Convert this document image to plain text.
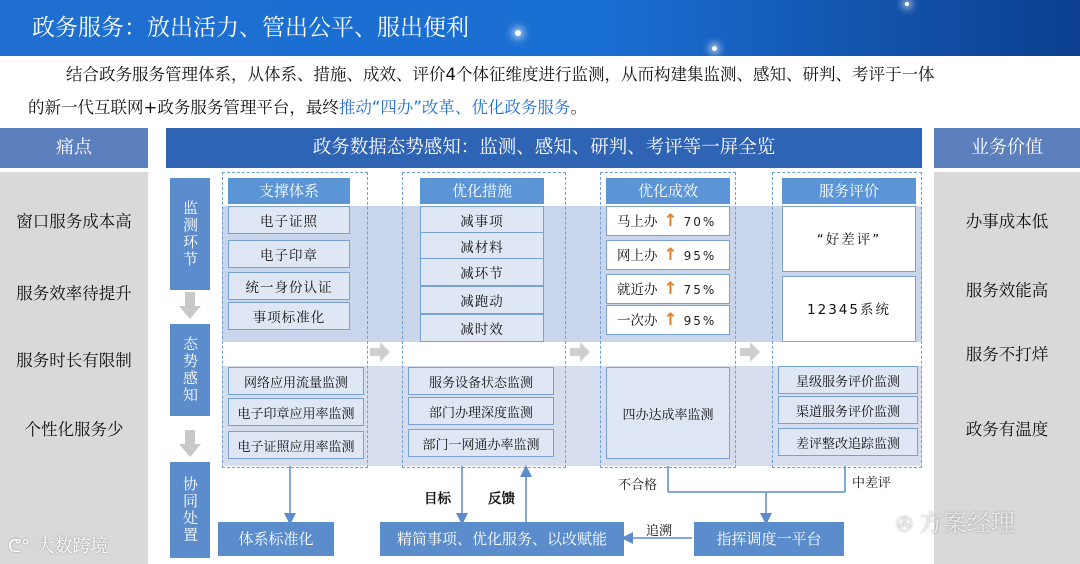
政务服务：放出活力、管出公平、服出便利
结合政务服务管理体系，从体系、措施、成效、评价4个体征维度进行监测，从而构建集监测、感知、研判、考评于一体
的新一代互联网+政务服务管理平台，最终推动“四办”改革、优化政务服务。
痛点
窗口服务成本高
服务效率待提升
服务时长有限制
个性化服务少
业务价值
办事成本低
服务效能高
服务不打烊
政务有温度
政务数据态势感知：监测、感知、研判、考评等一屏全览
监测环节
态势感知
协同处置
支撑体系
电子证照
电子印章
统一身份认证
事项标准化
网络应用流量监测
电子印章应用率监测
电子证照应用率监测
优化措施
减事项
减材料
减环节
减跑动
减时效
服务设备状态监测
部门办理深度监测
部门一网通办率监测
优化成效
马上办 ↑ 70%
网上办 ↑ 95%
就近办 ↑ 75%
一次办 ↑ 95%
四办达成率监测
服务评价
“好差评”
12345系统
星级服务评价监测
渠道服务评价监测
差评整改追踪监测
体系标准化	精简事项、优化服务、以改赋能	指挥调度一平台
目标	反馈
不合格	中差评
追溯
ᕦ° 大数跨境
✇ 方案经理
